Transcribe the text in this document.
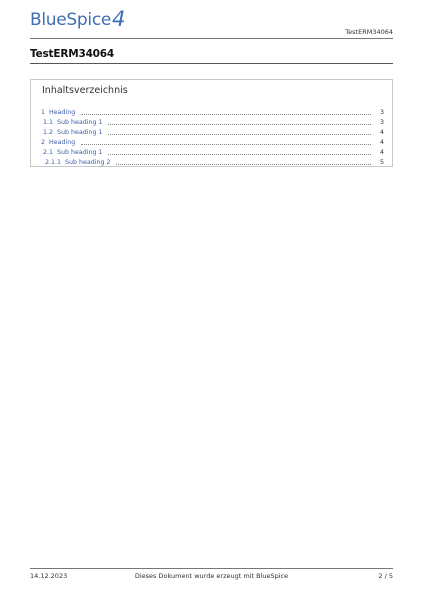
BlueSpice 4
TestERM34064
TestERM34064
Inhaltsverzeichnis
1 Heading	3
1.1 Sub heading 1	3
1.2 Sub heading 1	4
2 Heading	4
2.1 Sub heading 1	4
2.1.1 Sub heading 2	5
14.12.2023	Dieses Dokument wurde erzeugt mit BlueSpice	2 / 5
